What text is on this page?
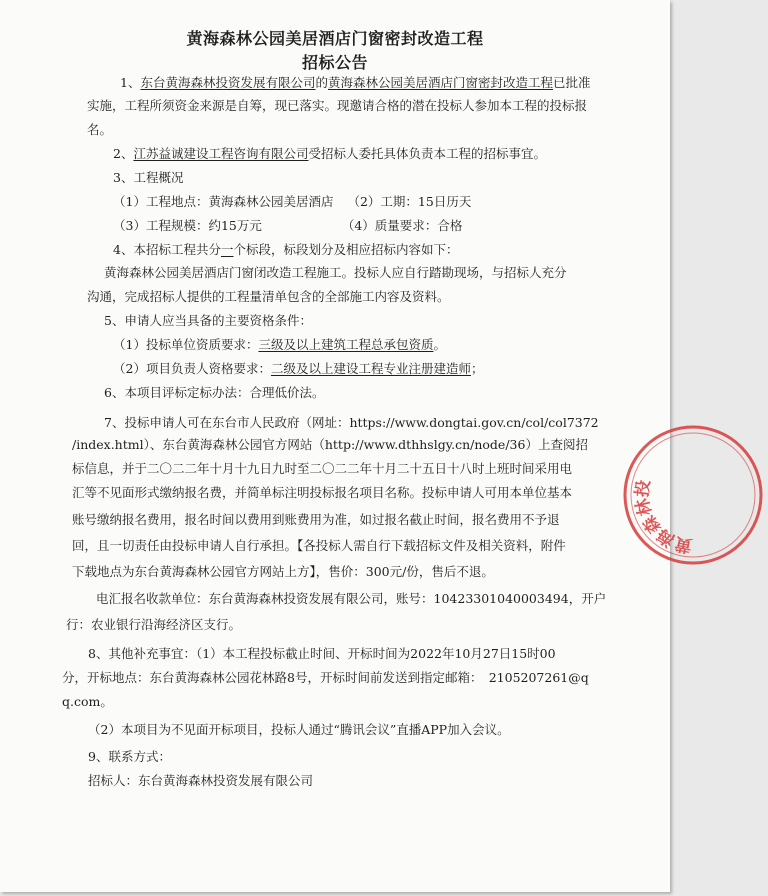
黄海森林公园美居酒店门窗密封改造工程
招标公告
1、东台黄海森林投资发展有限公司的黄海森林公园美居酒店门窗密封改造工程已批准
实施，工程所须资金来源是自筹，现已落实。现邀请合格的潜在投标人参加本工程的投标报
名。
2、江苏益诚建设工程咨询有限公司受招标人委托具体负责本工程的招标事宜。
3、工程概况
（1）工程地点：黄海森林公园美居酒店 （2）工期：15日历天
（3）工程规模：约15万元	（4）质量要求：合格
4、本招标工程共分一个标段，标段划分及相应招标内容如下：
黄海森林公园美居酒店门窗闭改造工程施工。投标人应自行踏勘现场，与招标人充分
沟通，完成招标人提供的工程量清单包含的全部施工内容及资料。
5、申请人应当具备的主要资格条件：
（1）投标单位资质要求：三级及以上建筑工程总承包资质。
（2）项目负责人资格要求：二级及以上建设工程专业注册建造师；
6、本项目评标定标办法：合理低价法。
7、投标申请人可在东台市人民政府（网址：https://www.dongtai.gov.cn/col/col7372
/index.html）、东台黄海森林公园官方网站（http://www.dthhslgy.cn/node/36）上查阅招
标信息，并于二〇二二年十月十九日九时至二〇二二年十月二十五日十八时上班时间采用电
汇等不见面形式缴纳报名费，并简单标注明投标报名项目名称。投标申请人可用本单位基本
账号缴纳报名费用，报名时间以费用到账费用为准，如过报名截止时间，报名费用不予退
回，且一切责任由投标申请人自行承担。【各投标人需自行下载招标文件及相关资料，附件
下载地点为东台黄海森林公园官方网站上方】，售价：300元/份，售后不退。
电汇报名收款单位：东台黄海森林投资发展有限公司，账号：10423301040003494，开户
行：农业银行沿海经济区支行。
8、其他补充事宜：（1）本工程投标截止时间、开标时间为2022年10月27日15时00
分，开标地点：东台黄海森林公园花林路8号，开标时间前发送到指定邮箱：　2105207261@q
q.com。
（2）本项目为不见面开标项目，投标人通过“腾讯会议”直播APP加入会议。
9、联系方式：
招标人：东台黄海森林投资发展有限公司
黄海森林投
